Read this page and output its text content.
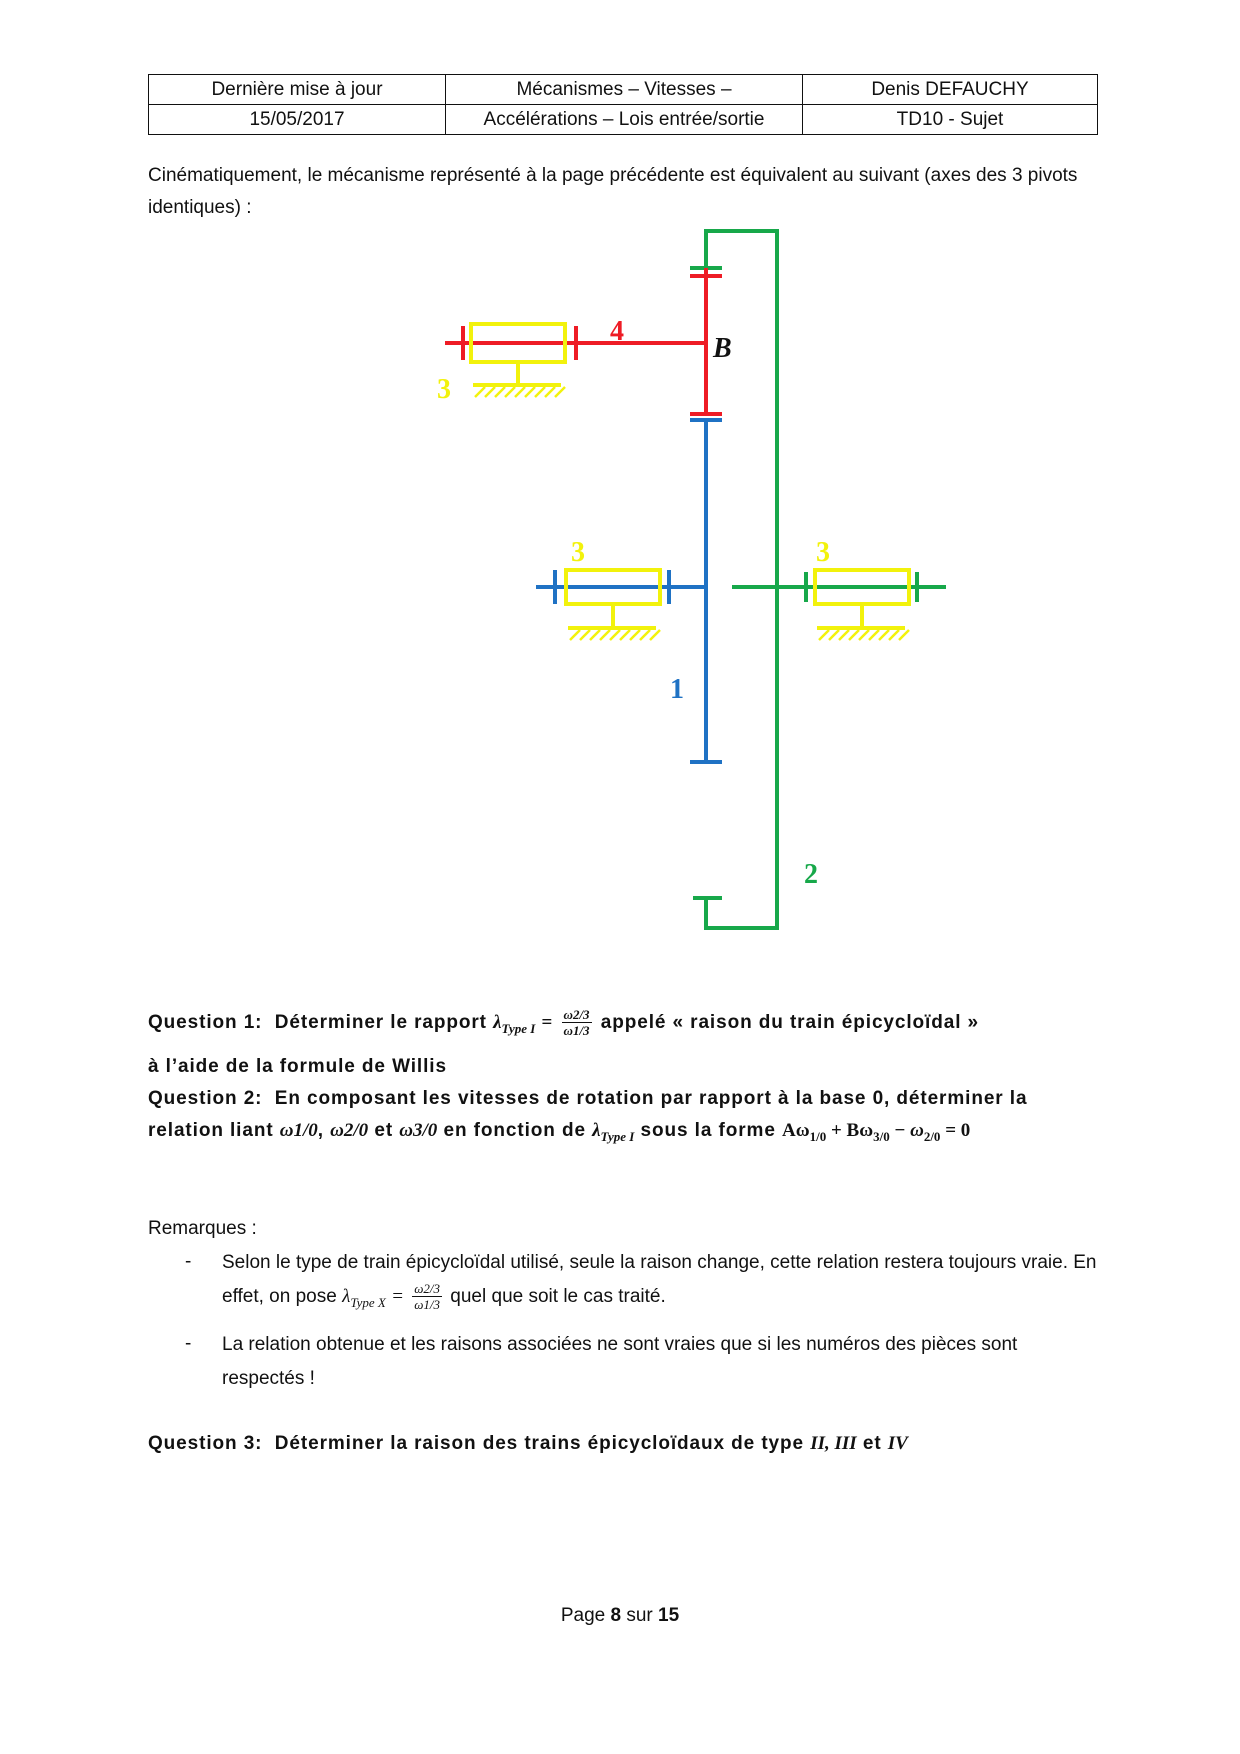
Dernière mise à jour	Mécanismes – Vitesses –	Denis DEFAUCHY
15/05/2017	Accélérations – Lois entrée/sortie	TD10 - Sujet
Cinématiquement, le mécanisme représenté à la page précédente est équivalent au suivant (axes des 3 pivots identiques) :
4
B
3
3	3
1
2
Question 1: Déterminer le rapport $\lambda_{Type I} = \frac{\omega 2/3}{\omega 1/3}$ appelé « raison du train épicycloïdal »
à l’aide de la formule de Willis
Question 2: En composant les vitesses de rotation par rapport à la base 0, déterminer la relation liant ω1/0, ω2/0 et ω3/0 en fonction de $\lambda_{Type I}$ sous la forme $A\omega_{1/0} + B\omega_{3/0} - \omega_{2/0} = 0$
Remarques :
- Selon le type de train épicycloïdal utilisé, seule la raison change, cette relation restera toujours vraie. En effet, on pose $\lambda_{Type X} = \frac{\omega 2/3}{\omega 1/3}$ quel que soit le cas traité.
- La relation obtenue et les raisons associées ne sont vraies que si les numéros des pièces sont respectés !
Question 3: Déterminer la raison des trains épicycloïdaux de type II, III et IV
Page 8 sur 15
